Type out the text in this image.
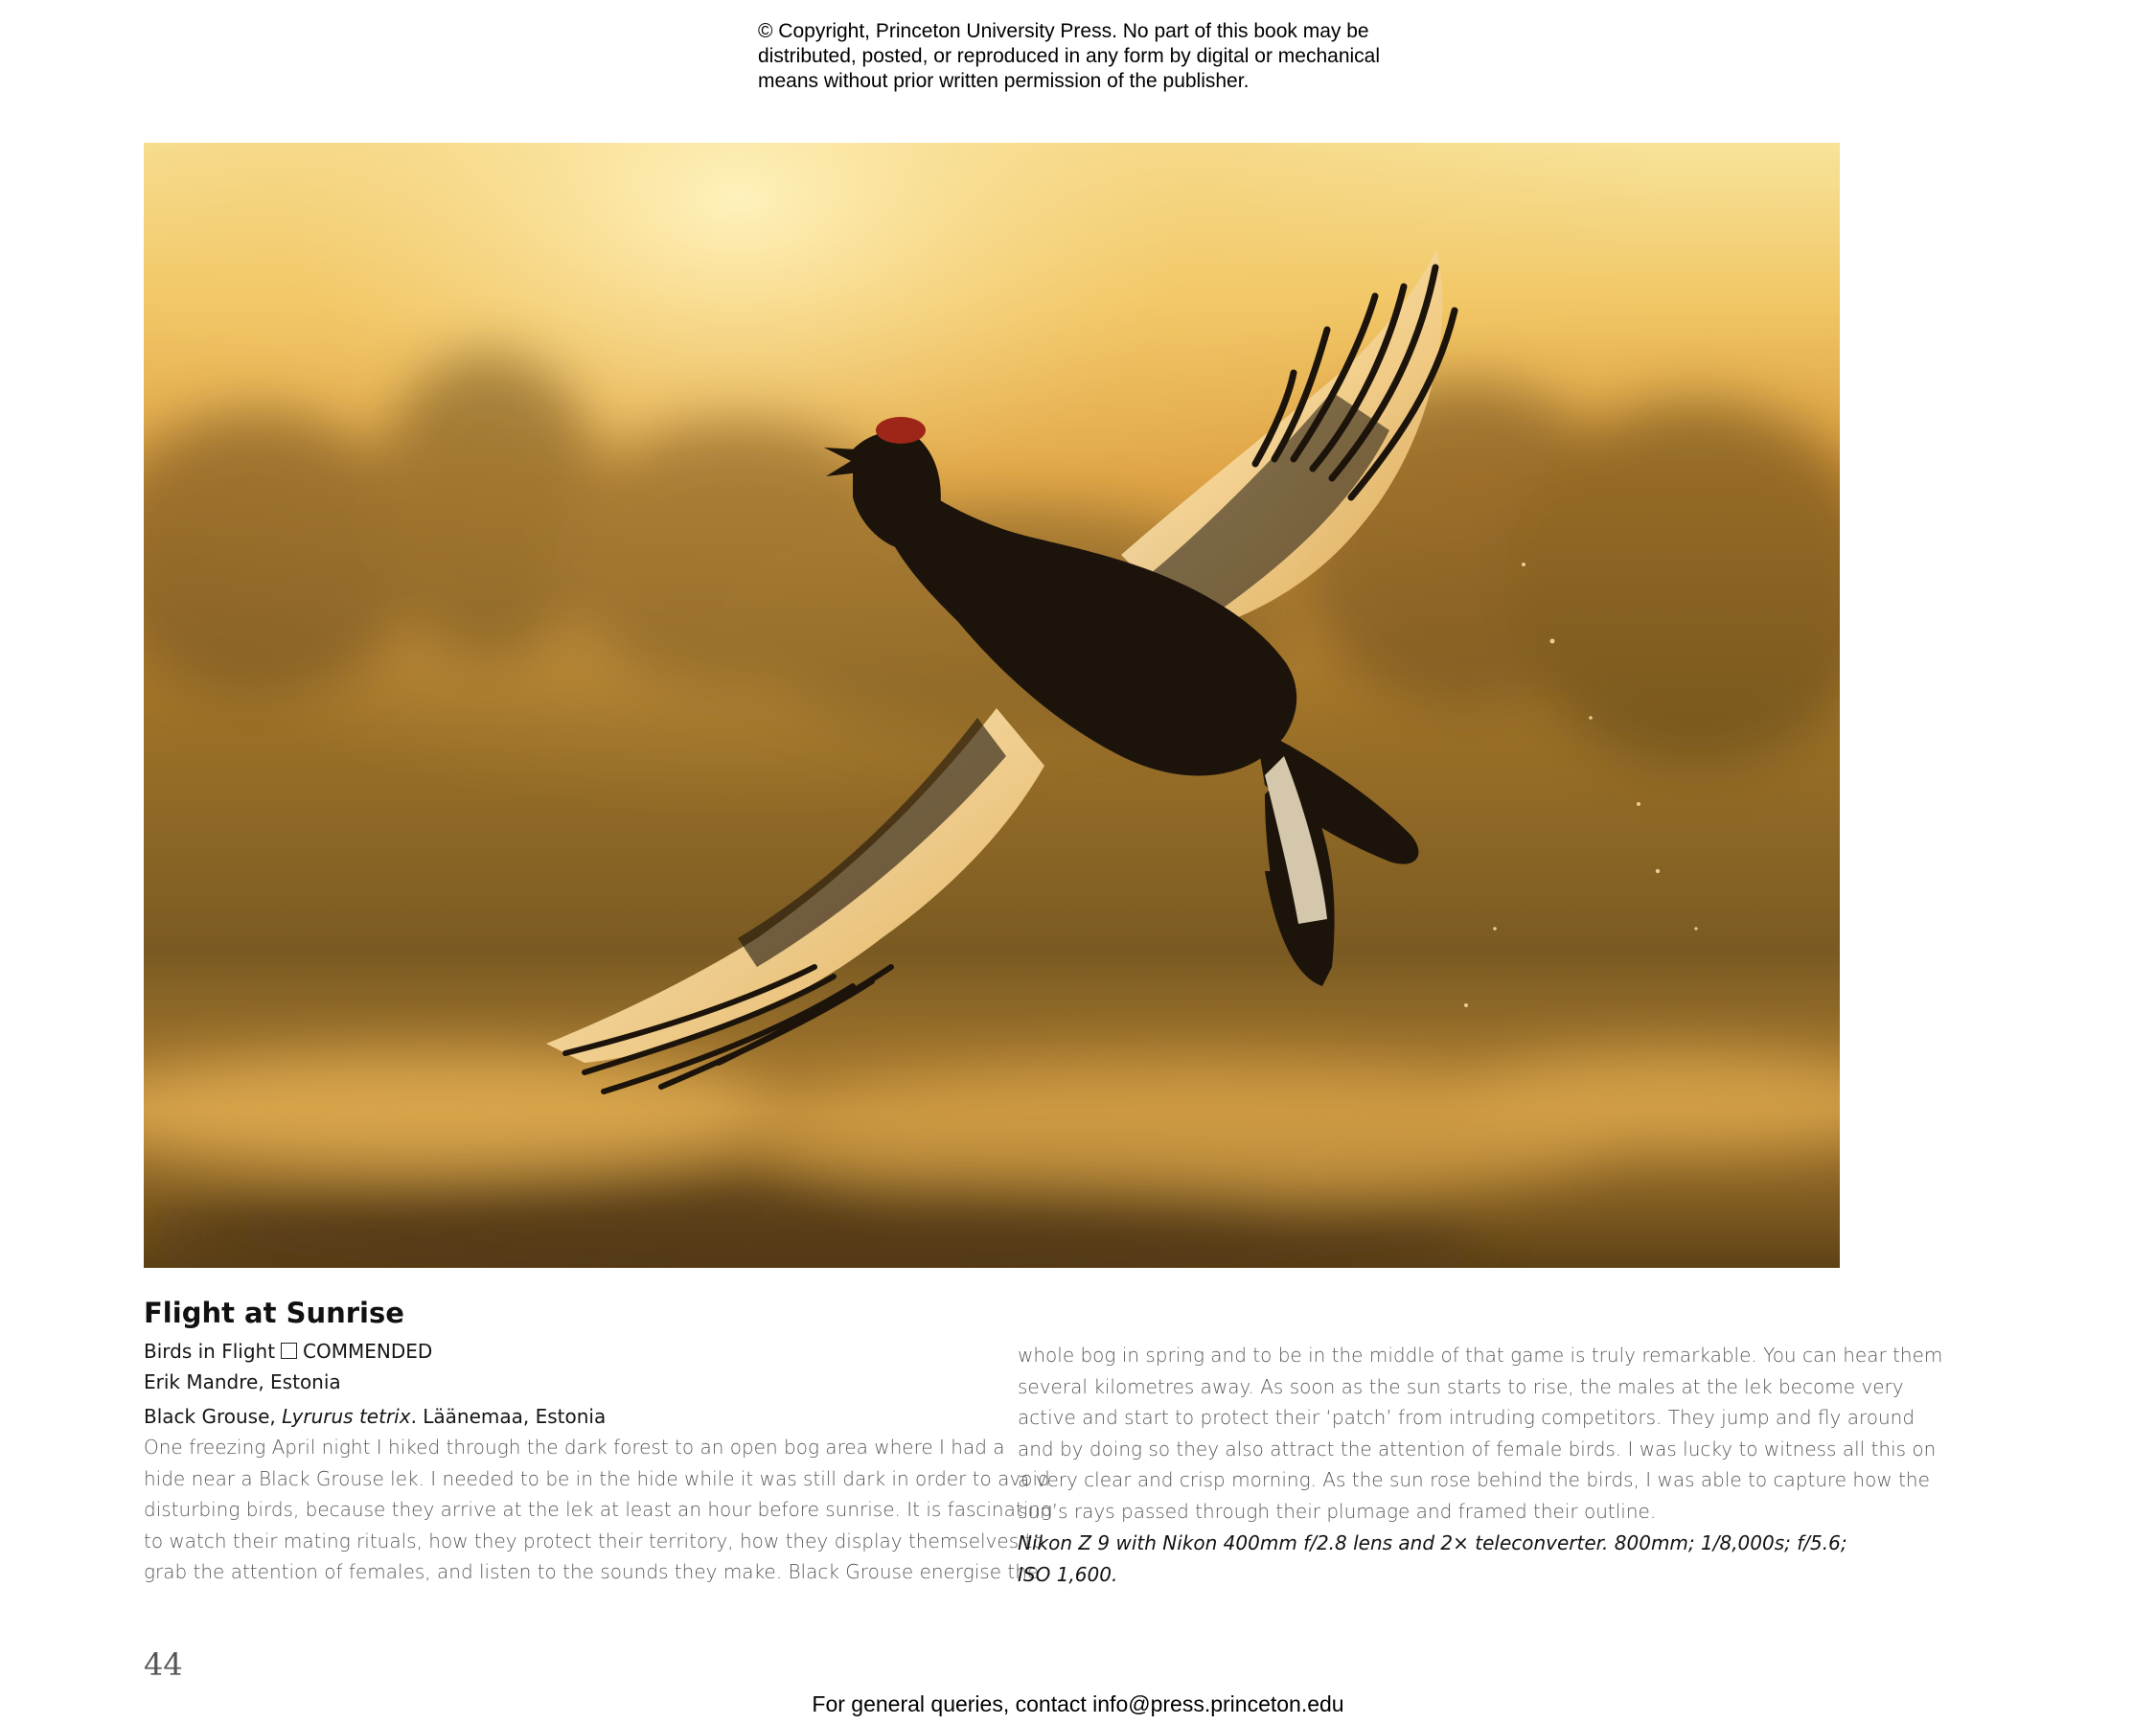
© Copyright, Princeton University Press. No part of this book may be
distributed, posted, or reproduced in any form by digital or mechanical
means without prior written permission of the publisher.
Flight at Sunrise
Birds in Flight COMMENDED
Erik Mandre, Estonia
Black Grouse, Lyrurus tetrix. Läänemaa, Estonia
One freezing April night I hiked through the dark forest to an open bog area where I had a
hide near a Black Grouse lek. I needed to be in the hide while it was still dark in order to avoid
disturbing birds, because they arrive at the lek at least an hour before sunrise. It is fascinating
to watch their mating rituals, how they protect their territory, how they display themselves to
grab the attention of females, and listen to the sounds they make. Black Grouse energise the
whole bog in spring and to be in the middle of that game is truly remarkable. You can hear them
several kilometres away. As soon as the sun starts to rise, the males at the lek become very
active and start to protect their ‘patch’ from intruding competitors. They jump and fly around
and by doing so they also attract the attention of female birds. I was lucky to witness all this on
a very clear and crisp morning. As the sun rose behind the birds, I was able to capture how the
sun’s rays passed through their plumage and framed their outline.
Nikon Z 9 with Nikon 400mm f/2.8 lens and 2× teleconverter. 800mm; 1/8,000s; f/5.6;
ISO 1,600.
44
For general queries, contact info@press.princeton.edu
